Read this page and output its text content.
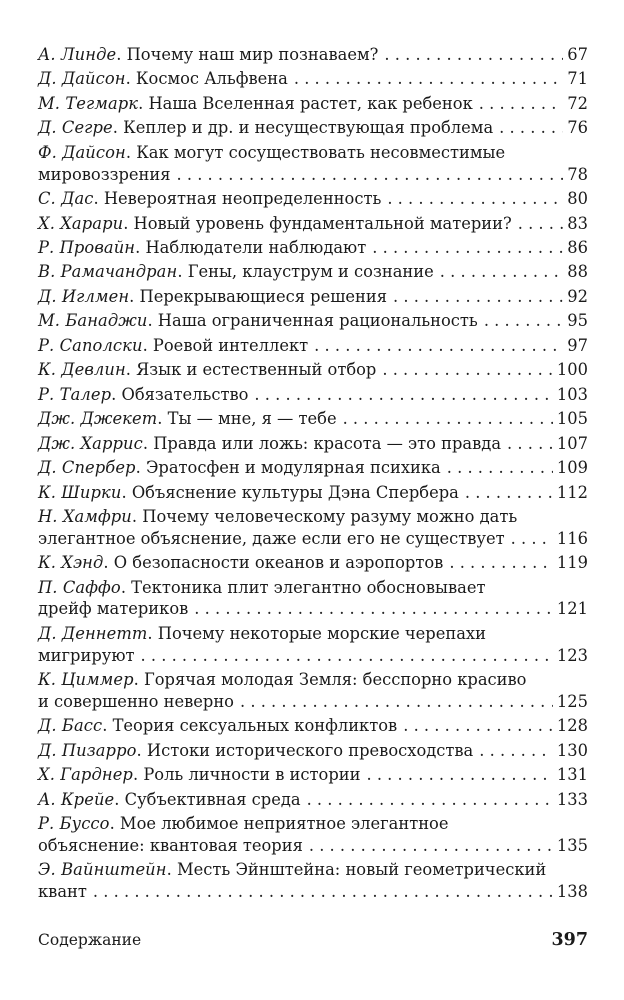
А. Линде. Почему наш мир познаваем? . . .	67
Д. Дайсон. Космос Альфвена . . .	71
М. Тегмарк. Наша Вселенная растет, как ребенок . . .	72
Д. Сегре. Кеплер и др. и несуществующая проблема . . .	76
Ф. Дайсон. Как могут сосуществовать несовместимые
мировоззрения . . .	78
С. Дас. Невероятная неопределенность . . .	80
Х. Харари. Новый уровень фундаментальной материи? . . .	83
Р. Провайн. Наблюдатели наблюдают . . .	86
В. Рамачандран. Гены, клауструм и сознание . . .	88
Д. Иглмен. Перекрывающиеся решения . . .	92
М. Банаджи. Наша ограниченная рациональность . . .	95
Р. Саполски. Роевой интеллект . . .	97
К. Девлин. Язык и естественный отбор . . .	100
Р. Талер. Обязательство . . .	103
Дж. Джекет. Ты — мне, я — тебе . . .	105
Дж. Харрис. Правда или ложь: красота — это правда . . .	107
Д. Спербер. Эратосфен и модулярная психика . . .	109
К. Ширки. Объяснение культуры Дэна Спербера . . .	112
Н. Хамфри. Почему человеческому разуму можно дать
элегантное объяснение, даже если его не существует . . .	116
К. Хэнд. О безопасности океанов и аэропортов . . .	119
П. Саффо. Тектоника плит элегантно обосновывает
дрейф материков . . .	121
Д. Деннетт. Почему некоторые морские черепахи
мигрируют . . .	123
К. Циммер. Горячая молодая Земля: бесспорно красиво
и совершенно неверно . . .	125
Д. Басс. Теория сексуальных конфликтов . . .	128
Д. Пизарро. Истоки исторического превосходства . . .	130
Х. Гарднер. Роль личности в истории . . .	131
А. Крейе. Субъективная среда . . .	133
Р. Буссо. Мое любимое неприятное элегантное
объяснение: квантовая теория . . .	135
Э. Вайнштейн. Месть Эйнштейна: новый геометрический
квант . . .	138
Содержание	397
